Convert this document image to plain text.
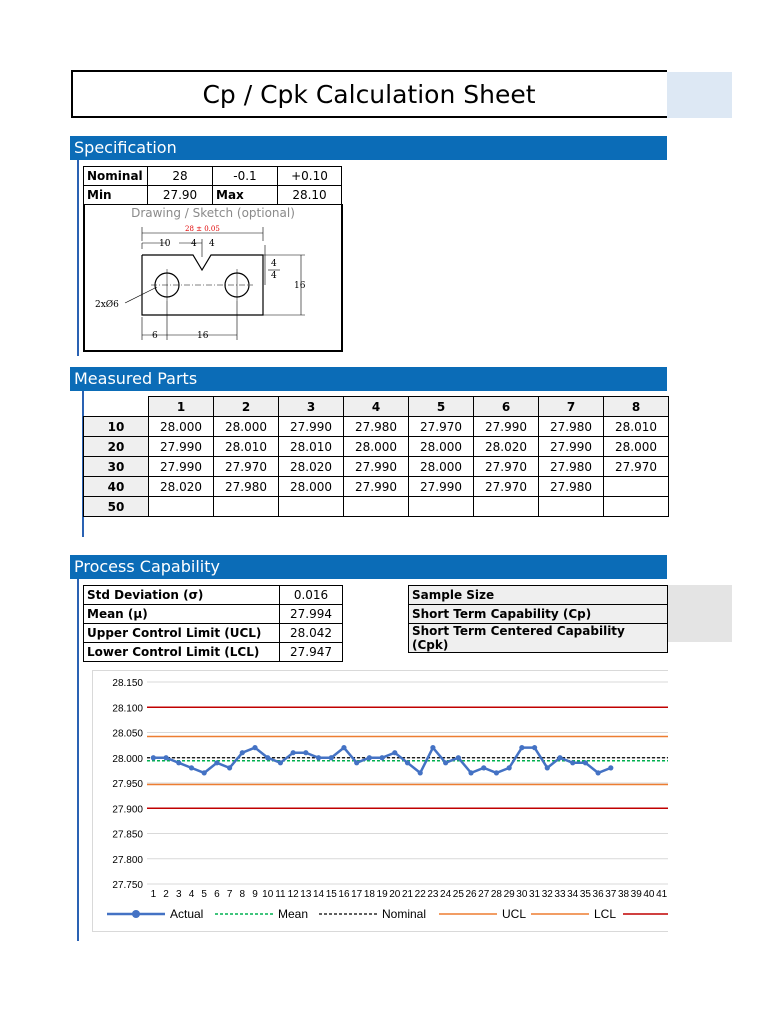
Cp / Cpk Calculation Sheet
Specification
Nominal	28	-0.1	+0.10
Min	27.90	Max	28.10
28 ± 0.05
10 4 4
4
4
16
6	16
2xØ6
Drawing / Sketch (optional)
Measured Parts
	1	2	3	4	5	6	7	8
10	28.000	28.000	27.990	27.980	27.970	27.990	27.980	28.010
20	27.990	28.010	28.010	28.000	28.000	28.020	27.990	28.000
30	27.990	27.970	28.020	27.990	28.000	27.970	27.980	27.970
40	28.020	27.980	28.000	27.990	27.990	27.970	27.980	
50								
Process Capability
Std Deviation (σ)	0.016
Mean (μ)	27.994
Upper Control Limit (UCL)	28.042
Lower Control Limit (LCL)	27.947
Sample Size
Short Term Capability (Cp)
Short Term Centered Capability (Cpk)
28.150
28.100
28.050
28.000
27.950
27.900
27.850
27.800
27.750
1 2 3 4 5 6 7 8 9 10 11 12 13 14 15 16 17 18 19 20 21 22 23 24 25 26 27 28 29 30 31 32 33 34 35 36 37 38 39 40 41
Actual	Mean	Nominal	UCL	LCL
